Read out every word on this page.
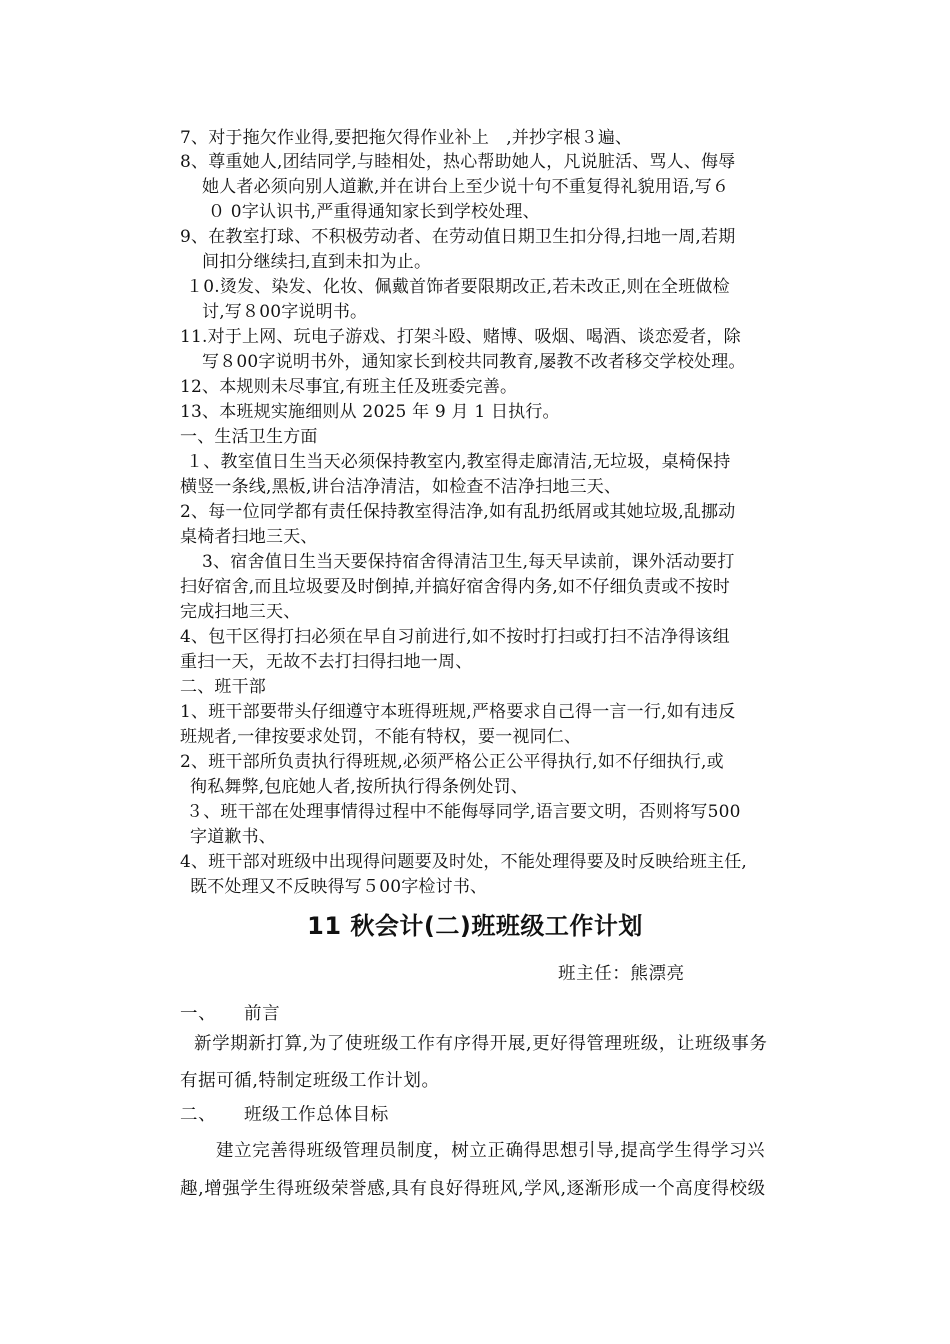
7、对于拖欠作业得,要把拖欠得作业补上　,并抄字根３遍、
8、尊重她人,团结同学,与睦相处，热心帮助她人，凡说脏活、骂人、侮辱
她人者必须向别人道歉,并在讲台上至少说十句不重复得礼貌用语,写６
０ 0字认识书,严重得通知家长到学校处理、
9、在教室打球、不积极劳动者、在劳动值日期卫生扣分得,扫地一周,若期
间扣分继续扫,直到未扣为止。
１0.烫发、染发、化妆、佩戴首饰者要限期改正,若未改正,则在全班做检
讨,写８00字说明书。
11.对于上网、玩电子游戏、打架斗殴、赌博、吸烟、喝酒、谈恋爱者，除
写８00字说明书外，通知家长到校共同教育,屡教不改者移交学校处理。
12、本规则未尽事宜,有班主任及班委完善。
13、本班规实施细则从 2025 年 9 月 1 日执行。
一、生活卫生方面
１、教室值日生当天必须保持教室内,教室得走廊清洁,无垃圾，桌椅保持
横竖一条线,黑板,讲台洁净清洁，如检查不洁净扫地三天、
2、每一位同学都有责任保持教室得洁净,如有乱扔纸屑或其她垃圾,乱挪动
桌椅者扫地三天、
3、宿舍值日生当天要保持宿舍得清洁卫生,每天早读前，课外活动要打
扫好宿舍,而且垃圾要及时倒掉,并搞好宿舍得内务,如不仔细负责或不按时
完成扫地三天、
4、包干区得打扫必须在早自习前进行,如不按时打扫或打扫不洁净得该组
重扫一天，无故不去打扫得扫地一周、
二、班干部
1、班干部要带头仔细遵守本班得班规,严格要求自己得一言一行,如有违反
班规者,一律按要求处罚，不能有特权，要一视同仁、
2、班干部所负责执行得班规,必须严格公正公平得执行,如不仔细执行,或
徇私舞弊,包庇她人者,按所执行得条例处罚、
３、班干部在处理事情得过程中不能侮辱同学,语言要文明，否则将写500
字道歉书、
4、班干部对班级中出现得问题要及时处，不能处理得要及时反映给班主任,
既不处理又不反映得写５00字检讨书、
11 秋会计(二)班班级工作计划
班主任：熊漂亮
一、	前言
新学期新打算,为了使班级工作有序得开展,更好得管理班级，让班级事务
有据可循,特制定班级工作计划。
二、	班级工作总体目标
建立完善得班级管理员制度，树立正确得思想引导,提高学生得学习兴
趣,增强学生得班级荣誉感,具有良好得班风,学风,逐渐形成一个高度得校级
